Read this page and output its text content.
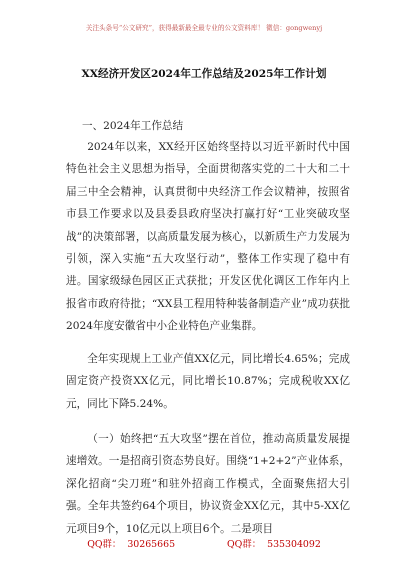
关注头条号“公文研究”，获得最新最全最专业的公文资料库！ 微信：gongwenyj
XX经济开发区2024年工作总结及2025年工作计划
一、2024年工作总结

2024年以来，XX经开区始终坚持以习近平新时代中国特色社会主义思想为指导，全面贯彻落实党的二十大和二十届三中全会精神，认真贯彻中央经济工作会议精神，按照省市县工作要求以及县委县政府坚决打赢打好“工业突破攻坚战”的决策部署，以高质量发展为核心，以新质生产力发展为引领，深入实施“五大攻坚行动”，整体工作实现了稳中有进。国家级绿色园区正式获批；开发区优化调区工作年内上报省市政府待批；“XX县工程用特种装备制造产业”成功获批2024年度安徽省中小企业特色产业集群。

全年实现规上工业产值XX亿元，同比增长4.65%；完成固定资产投资XX亿元，同比增长10.87%；完成税收XX亿元，同比下降5.24%。

（一）始终把“五大攻坚”摆在首位，推动高质量发展提速增效。一是招商引资态势良好。围绕“1+2+2”产业体系，深化招商“尖刀班”和驻外招商工作模式，全面聚焦招大引强。全年共签约64个项目，协议资金XX亿元，其中5-XX亿元项目9个，10亿元以上项目6个。二是项目

QQ群： 30265665	QQ群： 535304092
